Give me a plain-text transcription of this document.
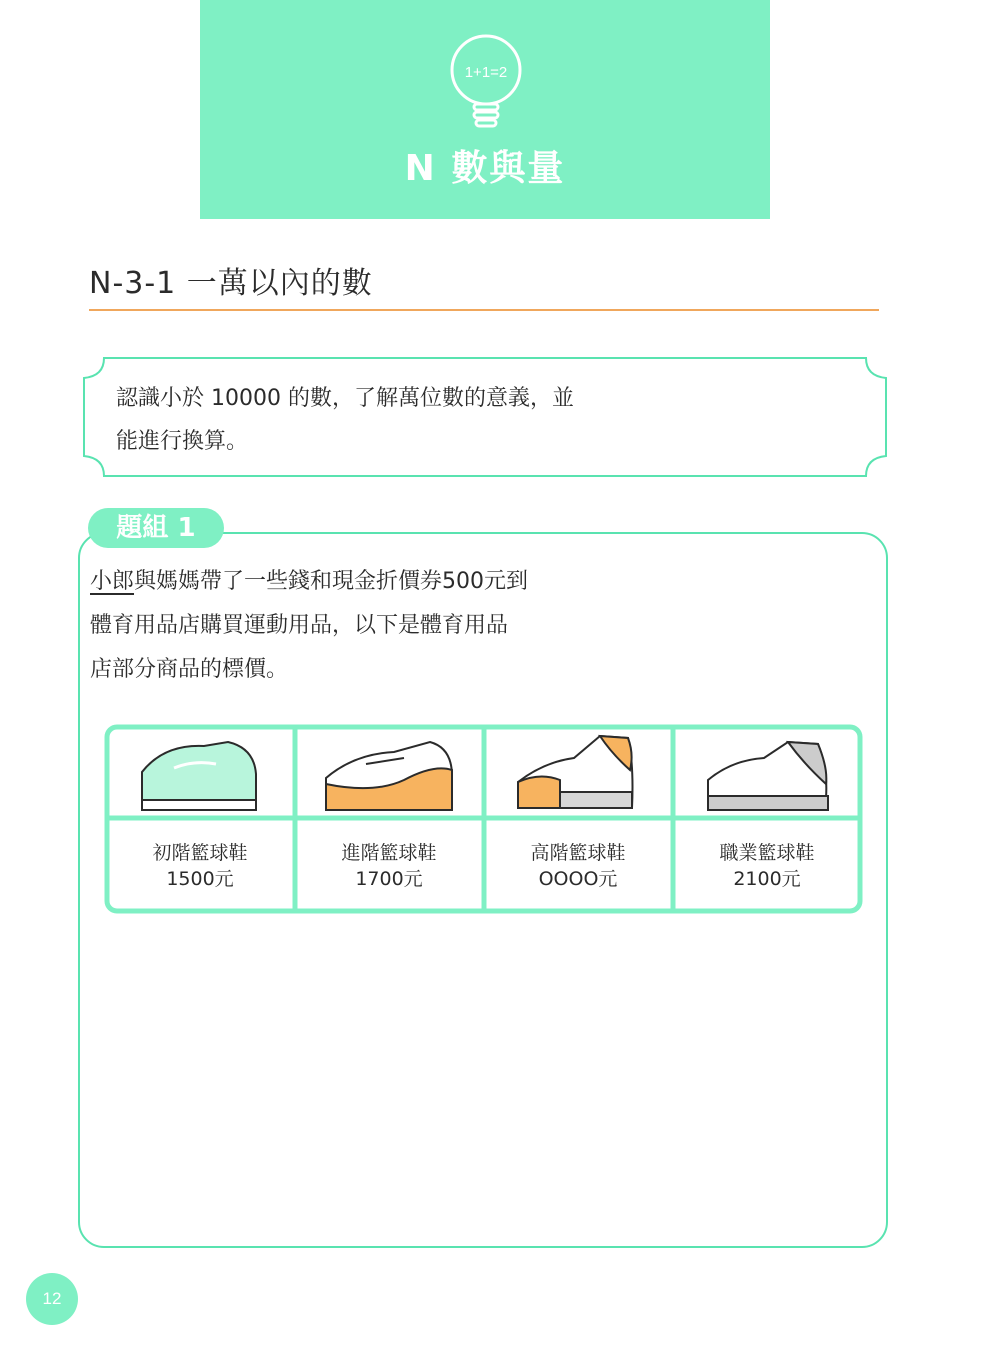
1+1=2
N 數與量
N-3-1 一萬以內的數
認識小於 10000 的數，了解萬位數的意義，並
能進行換算。
題組 1
小郎與媽媽帶了一些錢和現金折價券500元到
體育用品店購買運動用品，以下是體育用品
店部分商品的標價。
初階籃球鞋
1500元
進階籃球鞋
1700元
高階籃球鞋
OOOO元
職業籃球鞋
2100元
12
